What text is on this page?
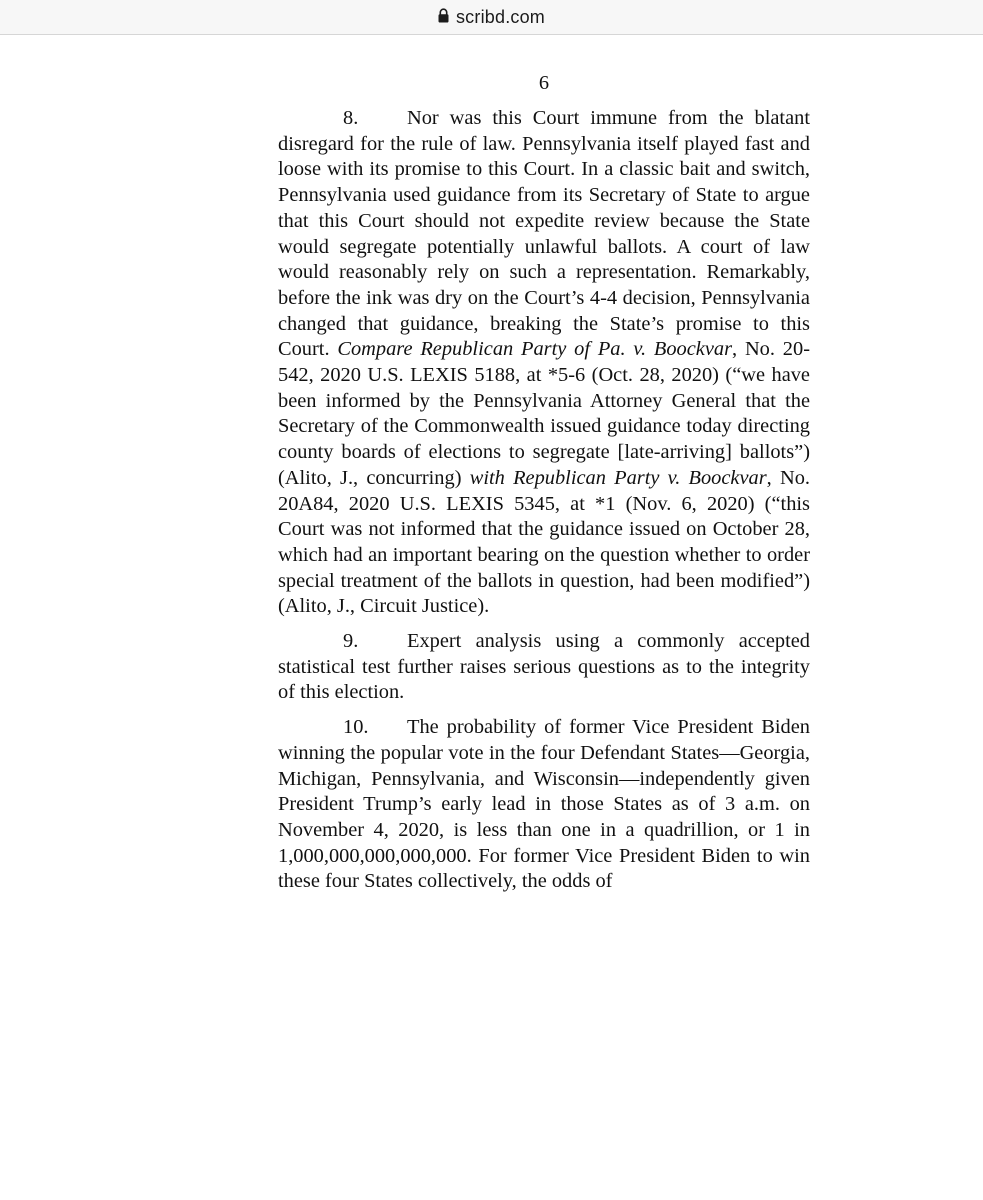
scribd.com
6

8. Nor was this Court immune from the blatant disregard for the rule of law. Pennsylvania itself played fast and loose with its promise to this Court. In a classic bait and switch, Pennsylvania used guidance from its Secretary of State to argue that this Court should not expedite review because the State would segregate potentially unlawful ballots. A court of law would reasonably rely on such a representation. Remarkably, before the ink was dry on the Court’s 4-4 decision, Pennsylvania changed that guidance, breaking the State’s promise to this Court. Compare Republican Party of Pa. v. Boockvar, No. 20-542, 2020 U.S. LEXIS 5188, at *5-6 (Oct. 28, 2020) (“we have been informed by the Pennsylvania Attorney General that the Secretary of the Commonwealth issued guidance today directing county boards of elections to segregate [late-arriving] ballots”) (Alito, J., concurring) with Republican Party v. Boockvar, No. 20A84, 2020 U.S. LEXIS 5345, at *1 (Nov. 6, 2020) (“this Court was not informed that the guidance issued on October 28, which had an important bearing on the question whether to order special treatment of the ballots in question, had been modified”) (Alito, J., Circuit Justice).

9. Expert analysis using a commonly accepted statistical test further raises serious questions as to the integrity of this election.

10. The probability of former Vice President Biden winning the popular vote in the four Defendant States—Georgia, Michigan, Pennsylvania, and Wisconsin—independently given President Trump’s early lead in those States as of 3 a.m. on November 4, 2020, is less than one in a quadrillion, or 1 in 1,000,000,000,000,000. For former Vice President Biden to win these four States collectively, the odds of
